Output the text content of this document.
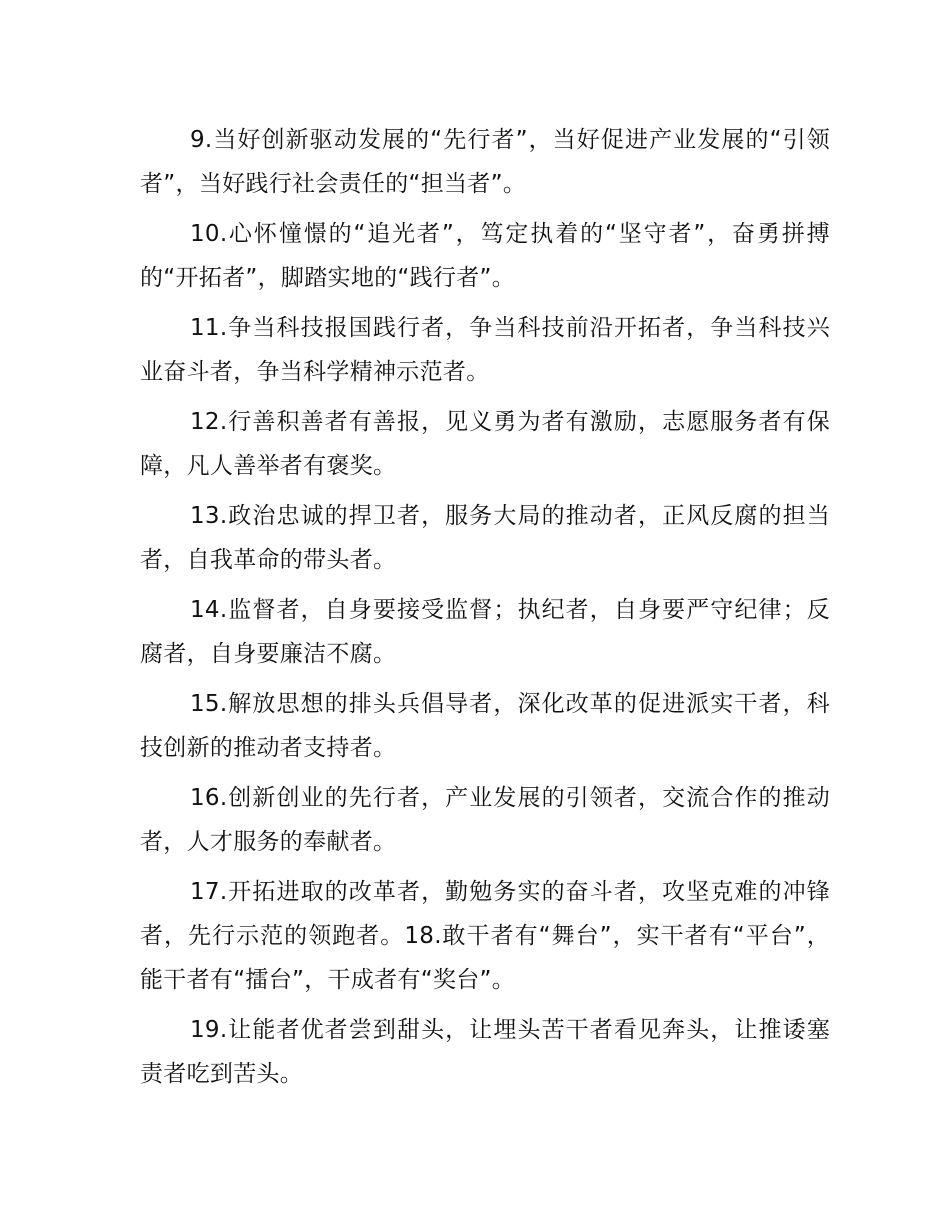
9.当好创新驱动发展的“先行者”，当好促进产业发展的“引领者”，当好践行社会责任的“担当者”。

10.心怀憧憬的“追光者”，笃定执着的“坚守者”，奋勇拼搏的“开拓者”，脚踏实地的“践行者”。

11.争当科技报国践行者，争当科技前沿开拓者，争当科技兴业奋斗者，争当科学精神示范者。

12.行善积善者有善报，见义勇为者有激励，志愿服务者有保障，凡人善举者有褒奖。

13.政治忠诚的捍卫者，服务大局的推动者，正风反腐的担当者，自我革命的带头者。

14.监督者，自身要接受监督；执纪者，自身要严守纪律；反腐者，自身要廉洁不腐。

15.解放思想的排头兵倡导者，深化改革的促进派实干者，科技创新的推动者支持者。

16.创新创业的先行者，产业发展的引领者，交流合作的推动者，人才服务的奉献者。

17.开拓进取的改革者，勤勉务实的奋斗者，攻坚克难的冲锋者，先行示范的领跑者。18.敢干者有“舞台”，实干者有“平台”，能干者有“擂台”，干成者有“奖台”。

19.让能者优者尝到甜头，让埋头苦干者看见奔头，让推诿塞责者吃到苦头。
